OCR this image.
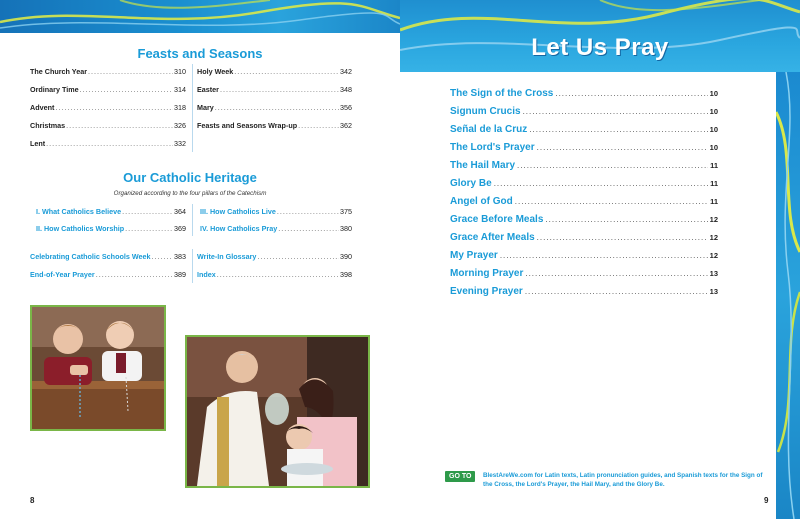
Feasts and Seasons
The Church Year .....	310
Ordinary Time .....	314
Advent .....	318
Christmas .....	326
Lent .....	332
Holy Week .....	342
Easter .....	348
Mary .....	356
Feasts and Seasons Wrap-up .....	362
Our Catholic Heritage
Organized according to the four pillars of the Catechism
I. What Catholics Believe .....	364
II. How Catholics Worship .....	369
III. How Catholics Live .....	375
IV. How Catholics Pray .....	380
Celebrating Catholic Schools Week .....	383
End-of-Year Prayer .....	389
Write-In Glossary .....	390
Index .....	398
8
Let Us Pray
The Sign of the Cross .....	10
Signum Crucis .....	10
Señal de la Cruz .....	10
The Lord's Prayer .....	10
The Hail Mary .....	11
Glory Be .....	11
Angel of God .....	11
Grace Before Meals .....	12
Grace After Meals .....	12
My Prayer .....	12
Morning Prayer .....	13
Evening Prayer .....	13
GO TO	BlestAreWe.com for Latin texts, Latin pronunciation guides, and Spanish texts for the Sign of the Cross, the Lord's Prayer, the Hail Mary, and the Glory Be.
9
